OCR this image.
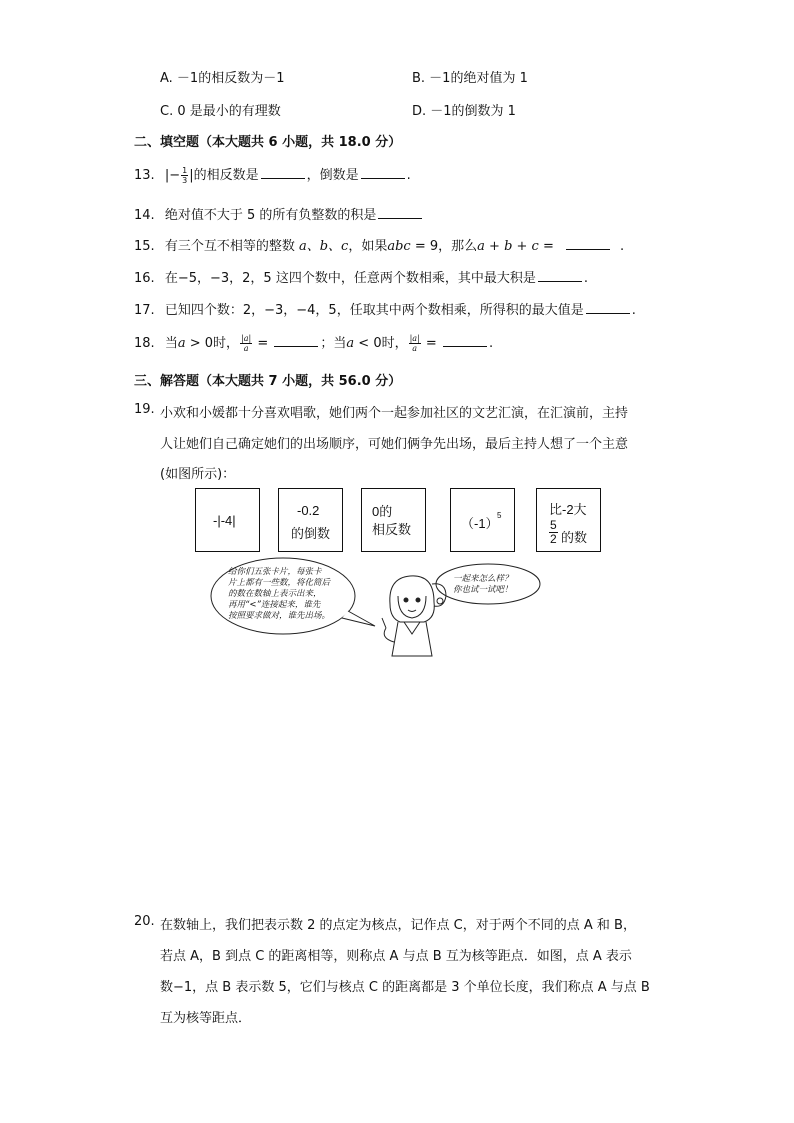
A. －1的相反数为－1	B. －1的绝对值为 1
C. 0 是最小的有理数	D. －1的倒数为 1
二、填空题（本大题共 6 小题，共 18.0 分）
13. |− $\frac{1}{3}$ |的相反数是	，倒数是	.
14. 绝对值不大于 5 的所有负整数的积是
15. 有三个互不相等的整数 a、b、c，如果abc = 9，那么a + b + c =	.
16. 在−5，−3，2，5 这四个数中，任意两个数相乘，其中最大积是	.
17. 已知四个数：2，−3，−4，5，任取其中两个数相乘，所得积的最大值是	.
18. 当a > 0时， $\frac{|a|}{a}$ =	；当a < 0时， $\frac{|a|}{a}$ =	.
三、解答题（本大题共 7 小题，共 56.0 分）
19. 小欢和小媛都十分喜欢唱歌，她们两个一起参加社区的文艺汇演，在汇演前，主持
人让她们自己确定她们的出场顺序，可她们俩争先出场，最后主持人想了一个主意
(如图所示)：
-|-4|
-0.2
的倒数
0的
相反数	（-1）
5	比-2大
$\frac{5}{2}$ 的数
给你们五张卡片，每张卡
片上都有一些数，将化简后
的数在数轴上表示出来，
再用“<”连接起来，谁先
按照要求做对，谁先出场。
一起来怎么样？
你也试一试吧！
20. 在数轴上，我们把表示数 2 的点定为核点，记作点 C，对于两个不同的点 A 和 B，
若点 A，B 到点 C 的距离相等，则称点 A 与点 B 互为核等距点．如图，点 A 表示
数−1，点 B 表示数 5，它们与核点 C 的距离都是 3 个单位长度，我们称点 A 与点 B
互为核等距点．
